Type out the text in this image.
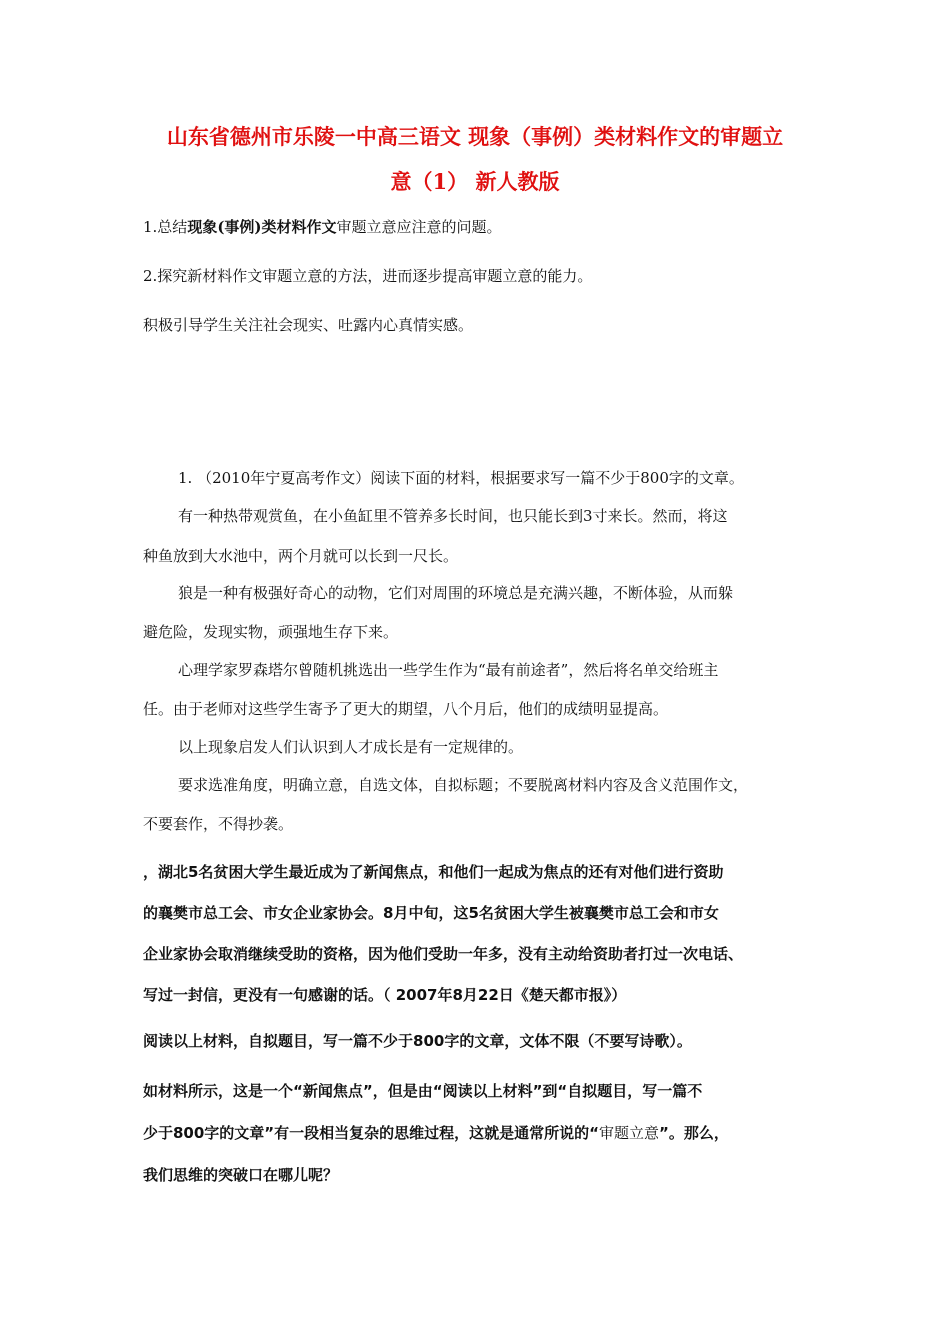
山东省德州市乐陵一中高三语文 现象（事例）类材料作文的审题立
意（1） 新人教版

1.总结现象(事例)类材料作文审题立意应注意的问题。

2.探究新材料作文审题立意的方法，进而逐步提高审题立意的能力。

积极引导学生关注社会现实、吐露内心真情实感。

1. （2010年宁夏高考作文）阅读下面的材料，根据要求写一篇不少于800字的文章。

有一种热带观赏鱼，在小鱼缸里不管养多长时间，也只能长到3寸来长。然而，将这

种鱼放到大水池中，两个月就可以长到一尺长。

狼是一种有极强好奇心的动物，它们对周围的环境总是充满兴趣，不断体验，从而躲

避危险，发现实物，顽强地生存下来。

心理学家罗森塔尔曾随机挑选出一些学生作为“最有前途者”，然后将名单交给班主

任。由于老师对这些学生寄予了更大的期望，八个月后，他们的成绩明显提高。

以上现象启发人们认识到人才成长是有一定规律的。

要求选准角度，明确立意，自选文体，自拟标题；不要脱离材料内容及含义范围作文，

不要套作，不得抄袭。

，湖北5名贫困大学生最近成为了新闻焦点，和他们一起成为焦点的还有对他们进行资助

的襄樊市总工会、市女企业家协会。8月中旬，这5名贫困大学生被襄樊市总工会和市女

企业家协会取消继续受助的资格，因为他们受助一年多，没有主动给资助者打过一次电话、

写过一封信，更没有一句感谢的话。（ 2007年8月22日《楚天都市报》）

阅读以上材料，自拟题目，写一篇不少于800字的文章，文体不限（不要写诗歌）。

如材料所示，这是一个“新闻焦点”，但是由“阅读以上材料”到“自拟题目，写一篇不

少于800字的文章”有一段相当复杂的思维过程，这就是通常所说的“审题立意”。那么，

我们思维的突破口在哪儿呢？
